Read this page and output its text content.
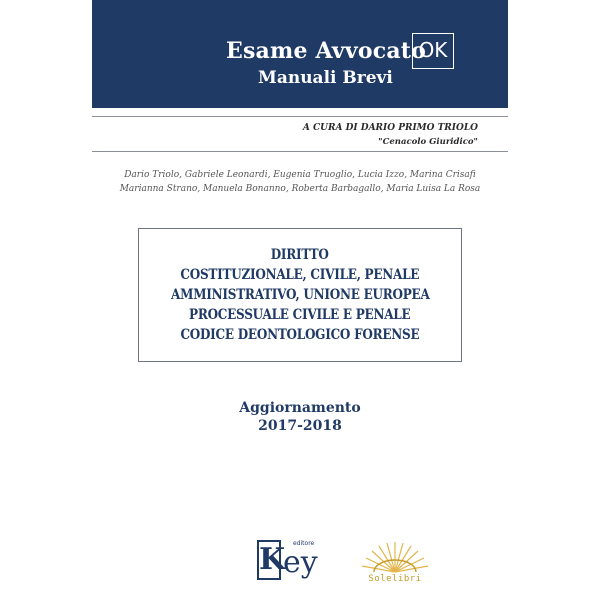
Esame Avvocato
OK
Manuali Brevi
A CURA DI DARIO PRIMO TRIOLO
"Cenacolo Giuridico"
Dario Triolo, Gabriele Leonardi, Eugenia Truoglio, Lucia Izzo, Marina Crisafi
Marianna Strano, Manuela Bonanno, Roberta Barbagallo, Maria Luisa La Rosa
DIRITTO
COSTITUZIONALE, CIVILE, PENALE
AMMINISTRATIVO, UNIONE EUROPEA
PROCESSUALE CIVILE E PENALE
CODICE DEONTOLOGICO FORENSE
Aggiornamento
2017-2018
K editore
ey	Solelibri
